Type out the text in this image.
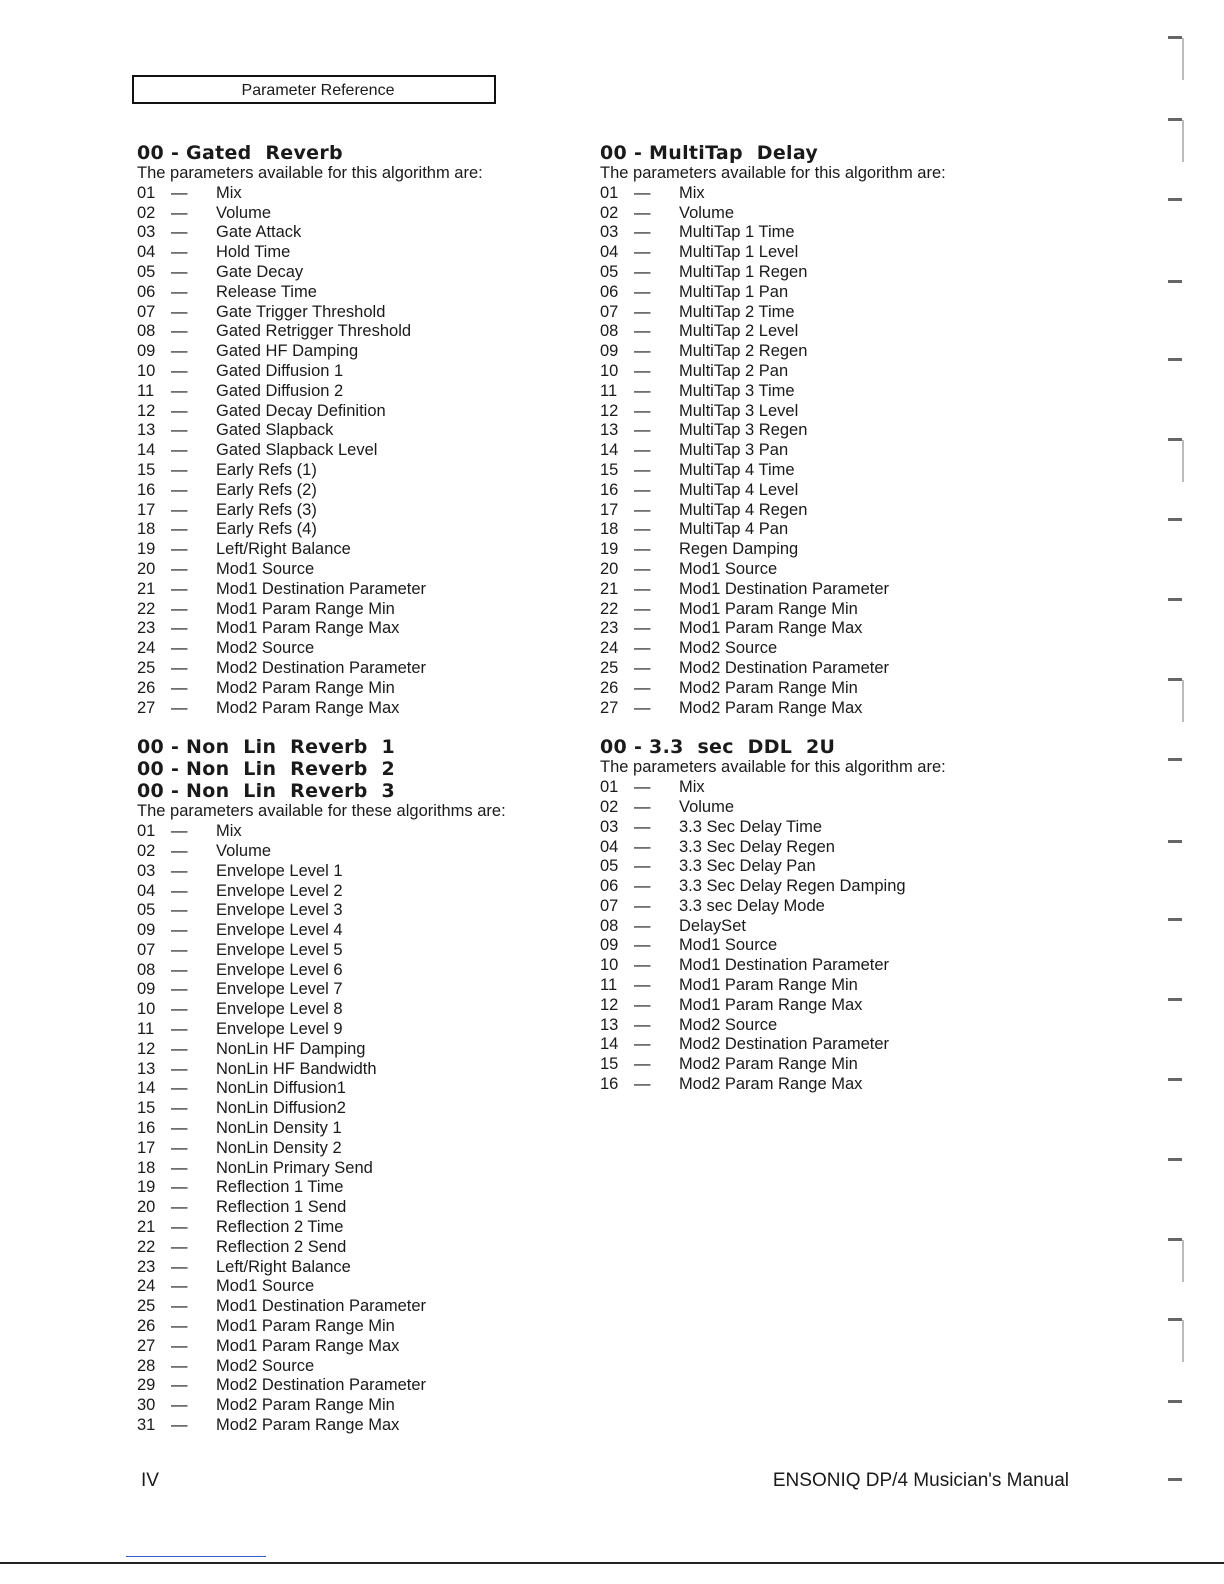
Parameter Reference
00 - Gated  Reverb
The parameters available for this algorithm are:
01 —	Mix
02 —	Volume
03 —	Gate Attack
04 —	Hold Time
05 —	Gate Decay
06 —	Release Time
07 —	Gate Trigger Threshold
08 —	Gated Retrigger Threshold
09 —	Gated HF Damping
10 —	Gated Diffusion 1
11	—	Gated Diffusion 2
12 —	Gated Decay Definition
13 —	Gated Slapback
14 —	Gated Slapback Level
15 —	Early Refs (1)
16 —	Early Refs (2)
17 —	Early Refs (3)
18 —	Early Refs (4)
19 —	Left/Right Balance
20 —	Mod1 Source
21 —	Mod1 Destination Parameter
22 —	Mod1 Param Range Min
23 —	Mod1 Param Range Max
24 —	Mod2 Source
25 —	Mod2 Destination Parameter
26 —	Mod2 Param Range Min
27 —	Mod2 Param Range Max
00 - Non  Lin  Reverb  1
00 - Non  Lin  Reverb  2
00 - Non  Lin  Reverb  3
The parameters available for these algorithms are:
01 —	Mix
02 —	Volume
03 —	Envelope Level 1
04 —	Envelope Level 2
05 —	Envelope Level 3
09 —	Envelope Level 4
07 —	Envelope Level 5
08 —	Envelope Level 6
09 —	Envelope Level 7
10 —	Envelope Level 8
11	—	Envelope Level 9
12 —	NonLin HF Damping
13 —	NonLin HF Bandwidth
14 —	NonLin Diffusion1
15 —	NonLin Diffusion2
16 —	NonLin Density 1
17 —	NonLin Density 2
18 —	NonLin Primary Send
19 —	Reflection 1 Time
20 —	Reflection 1 Send
21 —	Reflection 2 Time
22 —	Reflection 2 Send
23 —	Left/Right Balance
24 —	Mod1 Source
25 —	Mod1 Destination Parameter
26 —	Mod1 Param Range Min
27 —	Mod1 Param Range Max
28 —	Mod2 Source
29 —	Mod2 Destination Parameter
30 —	Mod2 Param Range Min
31 —	Mod2 Param Range Max
00 - MultiTap  Delay
The parameters available for this algorithm are:
01 —	Mix
02 —	Volume
03 —	MultiTap 1 Time
04 —	MultiTap 1 Level
05 —	MultiTap 1 Regen
06 —	MultiTap 1 Pan
07 —	MultiTap 2 Time
08 —	MultiTap 2 Level
09 —	MultiTap 2 Regen
10 —	MultiTap 2 Pan
11	—	MultiTap 3 Time
12 —	MultiTap 3 Level
13 —	MultiTap 3 Regen
14 —	MultiTap 3 Pan
15 —	MultiTap 4 Time
16 —	MultiTap 4 Level
17 —	MultiTap 4 Regen
18 —	MultiTap 4 Pan
19 —	Regen Damping
20 —	Mod1 Source
21 —	Mod1 Destination Parameter
22 —	Mod1 Param Range Min
23 —	Mod1 Param Range Max
24 —	Mod2 Source
25 —	Mod2 Destination Parameter
26 —	Mod2 Param Range Min
27 —	Mod2 Param Range Max
00 - 3.3  sec  DDL  2U
The parameters available for this algorithm are:
01 —	Mix
02 —	Volume
03 —	3.3 Sec Delay Time
04 —	3.3 Sec Delay Regen
05 —	3.3 Sec Delay Pan
06 —	3.3 Sec Delay Regen Damping
07 —	3.3 sec Delay Mode
08 —	DelaySet
09 —	Mod1 Source
10 —	Mod1 Destination Parameter
11	—	Mod1 Param Range Min
12 —	Mod1 Param Range Max
13 —	Mod2 Source
14 —	Mod2 Destination Parameter
15 —	Mod2 Param Range Min
16 —	Mod2 Param Range Max
IV	ENSONIQ DP/4 Musician's Manual
